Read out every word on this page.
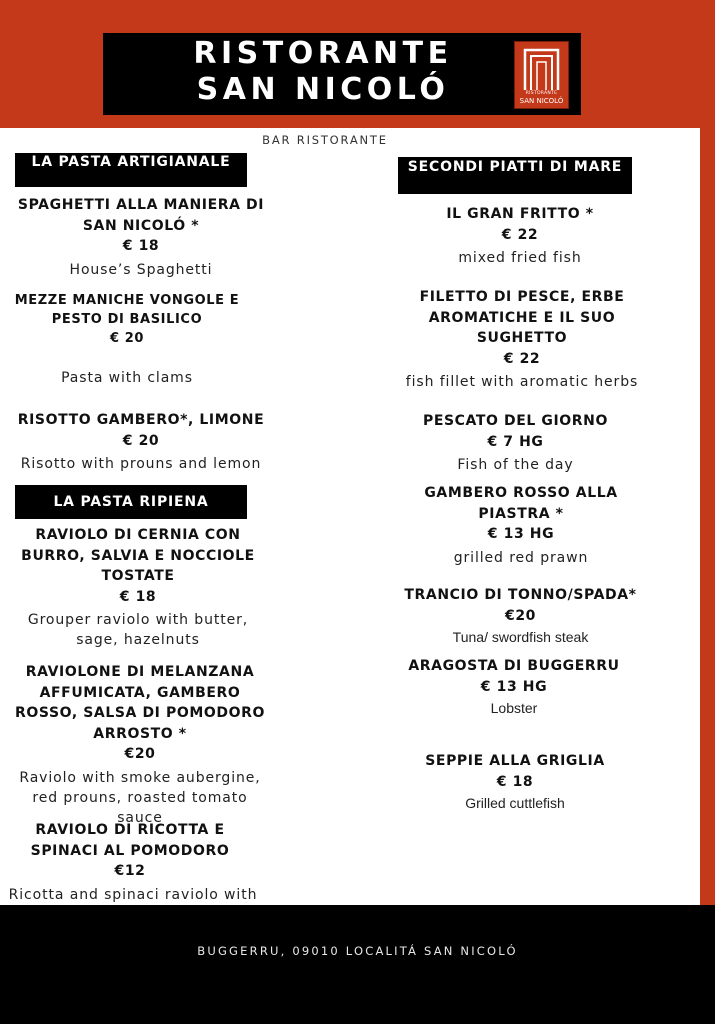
RISTORANTE
SAN NICOLÓ	RISTORANTE
SAN NICOLÓ
BAR RISTORANTE
LA PASTA ARTIGIANALE
SPAGHETTI ALLA MANIERA DI SAN NICOLÓ *
€ 18
House’s Spaghetti
MEZZE MANICHE VONGOLE E PESTO DI BASILICO
€ 20
Pasta with clams
RISOTTO GAMBERO*, LIMONE
€ 20
Risotto with prouns and lemon
LA PASTA RIPIENA
RAVIOLO DI CERNIA CON BURRO, SALVIA E NOCCIOLE TOSTATE
€ 18
Grouper raviolo with butter, sage, hazelnuts
RAVIOLONE DI MELANZANA AFFUMICATA, GAMBERO ROSSO, SALSA DI POMODORO ARROSTO *
€20
Raviolo with smoke aubergine, red prouns, roasted tomato sauce
RAVIOLO DI RICOTTA E SPINACI AL POMODORO
€12
Ricotta and spinaci raviolo with
SECONDI PIATTI DI MARE
IL GRAN FRITTO *
€ 22
mixed fried fish
FILETTO DI PESCE, ERBE AROMATICHE E IL SUO SUGHETTO
€ 22
fish fillet with aromatic herbs
PESCATO DEL GIORNO
€ 7 HG
Fish of the day
GAMBERO ROSSO ALLA PIASTRA *
€ 13 HG
grilled red prawn
TRANCIO DI TONNO/SPADA*
€20
Tuna/ swordfish steak
ARAGOSTA DI BUGGERRU
€ 13 HG
Lobster
SEPPIE ALLA GRIGLIA
€ 18
Grilled cuttlefish
BUGGERRU, 09010 LOCALITÁ SAN NICOLÓ
